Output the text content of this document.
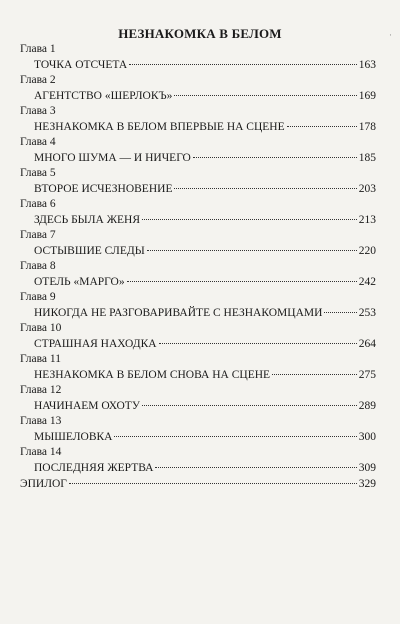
НЕЗНАКОМКА В БЕЛОМ	·
Глава 1
ТОЧКА ОТСЧЕТА	163
Глава 2
АГЕНТСТВО «ШЕРЛОКЪ»	169
Глава 3
НЕЗНАКОМКА В БЕЛОМ ВПЕРВЫЕ НА СЦЕНЕ	178
Глава 4
МНОГО ШУМА — И НИЧЕГО	185
Глава 5
ВТОРОЕ ИСЧЕЗНОВЕНИЕ	203
Глава 6
ЗДЕСЬ БЫЛА ЖЕНЯ	213
Глава 7
ОСТЫВШИЕ СЛЕДЫ	220
Глава 8
ОТЕЛЬ «МАРГО»	242
Глава 9
НИКОГДА НЕ РАЗГОВАРИВАЙТЕ С НЕЗНАКОМЦАМИ	253
Глава 10
СТРАШНАЯ НАХОДКА	264
Глава 11
НЕЗНАКОМКА В БЕЛОМ СНОВА НА СЦЕНЕ	275
Глава 12
НАЧИНАЕМ ОХОТУ	289
Глава 13
МЫШЕЛОВКА	300
Глава 14
ПОСЛЕДНЯЯ ЖЕРТВА	309
ЭПИЛОГ	329
